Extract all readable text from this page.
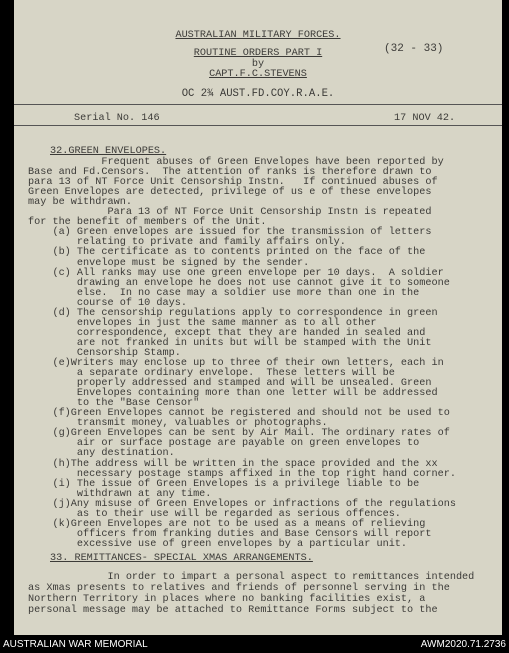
AUSTRALIAN MILITARY FORCES.
ROUTINE ORDERS PART I	(32 - 33)
by
CAPT.F.C.STEVENS
OC 2¾ AUST.FD.COY.R.A.E.
Serial No. 146	17 NOV 42.
32.GREEN ENVELOPES.
Frequent abuses of Green Envelopes have been reported by
Base and Fd.Censors.  The attention of ranks is therefore drawn to
para 13 of NT Force Unit Censorship Instn.   If continued abuses of
Green Envelopes are detected, privilege of us e of these envelopes
may be withdrawn.
Para 13 of NT Force Unit Censorship Instn is repeated
for the benefit of members of the Unit.
(a) Green envelopes are issued for the transmission of letters
relating to private and family affairs only.
(b) The certificate as to contents printed on the face of the
envelope must be signed by the sender.
(c) All ranks may use one green envelope per 10 days.  A soldier
drawing an envelope he does not use cannot give it to someone
else.  In no case may a soldier use more than one in the
course of 10 days.
(d) The censorship regulations apply to correspondence in green
envelopes in just the same manner as to all other
correspondence, except that they are handed in sealed and
are not franked in units but will be stamped with the Unit
Censorship Stamp.
(e)Writers may enclose up to three of their own letters, each in
a separate ordinary envelope.  These letters will be
properly addressed and stamped and will be unsealed. Green
Envelopes containing more than one letter will be addressed
to the "Base Censor"
(f)Green Envelopes cannot be registered and should not be used to
transmit money, valuables or photographs.
(g)Green Envelopes can be sent by Air Mail. The ordinary rates of
air or surface postage are payable on green envelopes to
any destination.
(h)The address will be written in the space provided and the xx
necessary postage stamps affixed in the top right hand corner.
(i) The issue of Green Envelopes is a privilege liable to be
withdrawn at any time.
(j)Any misuse of Green Envelopes or infractions of the regulations
as to their use will be regarded as serious offences.
(k)Green Envelopes are not to be used as a means of relieving
officers from franking duties and Base Censors will report
excessive use of green envelopes by a particular unit.
33. REMITTANCES- SPECIAL XMAS ARRANGEMENTS.
In order to impart a personal aspect to remittances intended
as Xmas presents to relatives and friends of personnel serving in the
Northern Territory in places where no banking facilities exist, a
personal message may be attached to Remittance Forms subject to the
AUSTRALIAN WAR MEMORIAL	AWM2020.71.2736
